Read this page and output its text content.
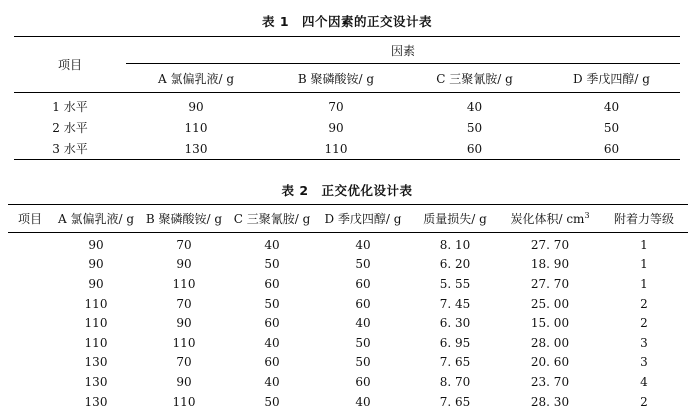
表 1　四个因素的正交设计表
项目	因素			
	A 氯偏乳液/ g	B 聚磷酸铵/ g	C 三聚氰胺/ g	D 季戊四醇/ g
1 水平	90	70	40	40
2 水平	110	90	50	50
3 水平	130	110	60	60
表 2　正交优化设计表
项目	A 氯偏乳液/ g	B 聚磷酸铵/ g	C 三聚氰胺/ g	D 季戊四醇/ g	质量损失/ g	炭化体积/ $cm^3$	附着力等级
	90	70	40	40	8. 10	27. 70	1
	90	90	50	50	6. 20	18. 90	1
	90	110	60	60	5. 55	27. 70	1
	110	70	50	60	7. 45	25. 00	2
	110	90	60	40	6. 30	15. 00	2
	110	110	40	50	6. 95	28. 00	3
	130	70	60	50	7. 65	20. 60	3
	130	90	40	60	8. 70	23. 70	4
	130	110	50	40	7. 65	28. 30	2
